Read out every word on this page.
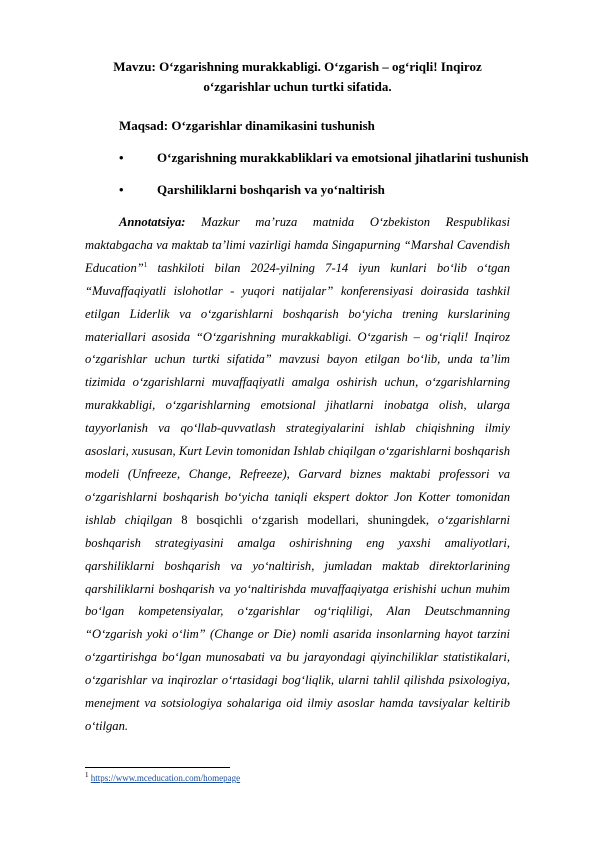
Mavzu: O‘zgarishning murakkabligi. O‘zgarish – og‘riqli! Inqiroz
o‘zgarishlar uchun turtki sifatida.
Maqsad: O‘zgarishlar dinamikasini tushunish
•	O‘zgarishning murakkabliklari va emotsional jihatlarini tushunish
•	Qarshiliklarni boshqarish va yo‘naltirish
Annotatsiya: Mazkur ma’ruza matnida O‘zbekiston Respublikasi maktabgacha va maktab ta’limi vazirligi hamda Singapurning “Marshal Cavendish Education”$^1$ tashkiloti bilan 2024-yilning 7-14 iyun kunlari bo‘lib o‘tgan “Muvaffaqiyatli islohotlar - yuqori natijalar” konferensiyasi doirasida tashkil etilgan Liderlik va o‘zgarishlarni boshqarish bo‘yicha trening kurslarining materiallari asosida “O‘zgarishning murakkabligi. O‘zgarish – og‘riqli! Inqiroz o‘zgarishlar uchun turtki sifatida” mavzusi bayon etilgan bo‘lib, unda ta’lim tizimida o‘zgarishlarni muvaffaqiyatli amalga oshirish uchun, o‘zgarishlarning murakkabligi, o‘zgarishlarning emotsional jihatlarni inobatga olish, ularga tayyorlanish va qo‘llab-quvvatlash strategiyalarini ishlab chiqishning ilmiy asoslari, xususan, Kurt Levin tomonidan Ishlab chiqilgan o‘zgarishlarni boshqarish modeli (Unfreeze, Change, Refreeze), Garvard biznes maktabi professori va o‘zgarishlarni boshqarish bo‘yicha taniqli ekspert doktor Jon Kotter tomonidan ishlab chiqilgan 8 bosqichli o‘zgarish modellari, shuningdek, o‘zgarishlarni boshqarish strategiyasini amalga oshirishning eng yaxshi amaliyotlari, qarshiliklarni boshqarish va yo‘naltirish, jumladan maktab direktorlarining qarshiliklarni boshqarish va yo‘naltirishda muvaffaqiyatga erishishi uchun muhim bo‘lgan kompetensiyalar, o‘zgarishlar og‘riqliligi, Alan Deutschmanning “O‘zgarish yoki o‘lim” (Change or Die) nomli asarida insonlarning hayot tarzini o‘zgartirishga bo‘lgan munosabati va bu jarayondagi qiyinchiliklar statistikalari, o‘zgarishlar va inqirozlar o‘rtasidagi bog‘liqlik, ularni tahlil qilishda psixologiya, menejment va sotsiologiya sohalariga oid ilmiy asoslar hamda tavsiyalar keltirib o‘tilgan.
$^1$ https://www.mceducation.com/homepage
